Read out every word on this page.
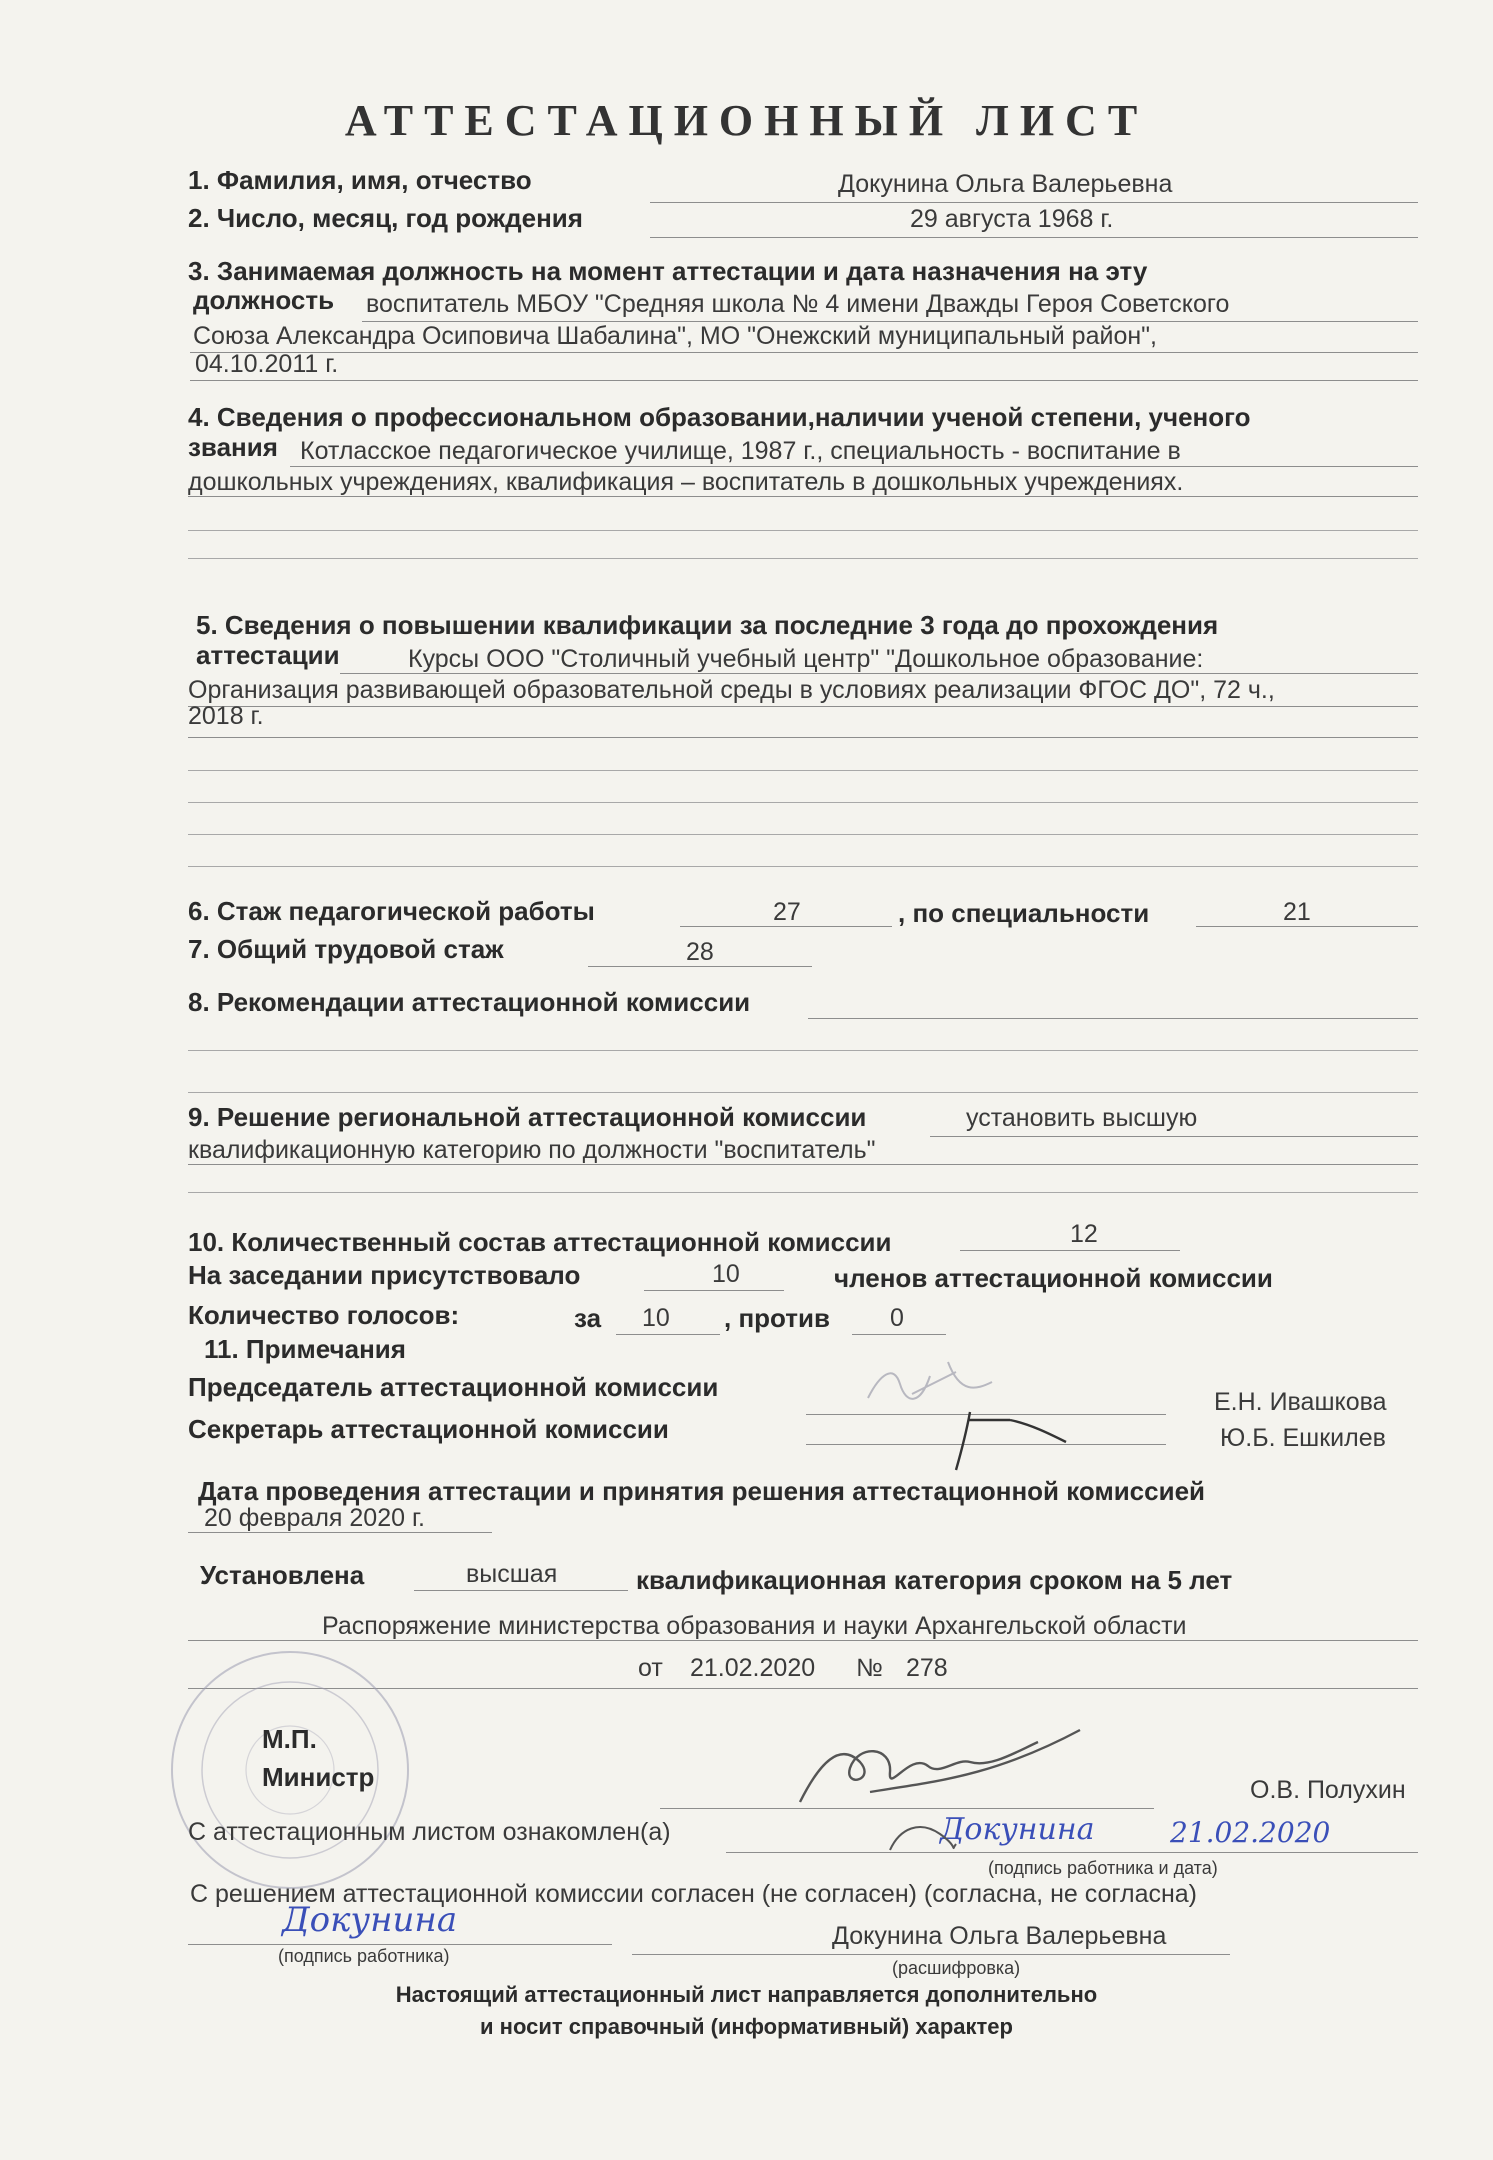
АТТЕСТАЦИОННЫЙ ЛИСТ
1. Фамилия, имя, отчество	Докунина Ольга Валерьевна
2. Число, месяц, год рождения	29 августа 1968 г.
3. Занимаемая должность на момент аттестации и дата назначения на эту
должность воспитатель МБОУ "Средняя школа № 4 имени Дважды Героя Советского
Союза Александра Осиповича Шабалина", МО "Онежский муниципальный район",
04.10.2011 г.
4. Сведения о профессиональном образовании,наличии ученой степени, ученого
звания Котласское педагогическое училище, 1987 г., специальность - воспитание в
дошкольных учреждениях, квалификация – воспитатель в дошкольных учреждениях.
5. Сведения о повышении квалификации за последние 3 года до прохождения
аттестации	Курсы ООО "Столичный учебный центр" "Дошкольное образование:
Организация развивающей образовательной среды в условиях реализации ФГОС ДО", 72 ч.,
2018 г.
6. Стаж педагогической работы	27	, по специальности	21
7. Общий трудовой стаж	28
8. Рекомендации аттестационной комиссии
9. Решение региональной аттестационной комиссии	установить высшую
квалификационную категорию по должности "воспитатель"
10. Количественный состав аттестационной комиссии	12
На заседании присутствовало	10	членов аттестационной комиссии
Количество голосов:	за 10 , против 0
11. Примечания
Председатель аттестационной комиссии	Е.Н. Ивашкова
Секретарь аттестационной комиссии	Ю.Б. Ешкилев
Дата проведения аттестации и принятия решения аттестационной комиссией
20 февраля 2020 г.
Установлена	высшая	квалификационная категория сроком на 5 лет
Распоряжение министерства образования и науки Архангельской области
от 21.02.2020 № 278
М.П.
Министр	О.В. Полухин
С аттестационным листом ознакомлен(а)	Докунина	21.02.2020
(подпись работника и дата)
С решением аттестационной комиссии согласен (не согласен) (согласна, не согласна)
Докунина
(подпись работника)
Докунина Ольга Валерьевна
(расшифровка)
Настоящий аттестационный лист направляется дополнительно
и носит справочный (информативный) характер
